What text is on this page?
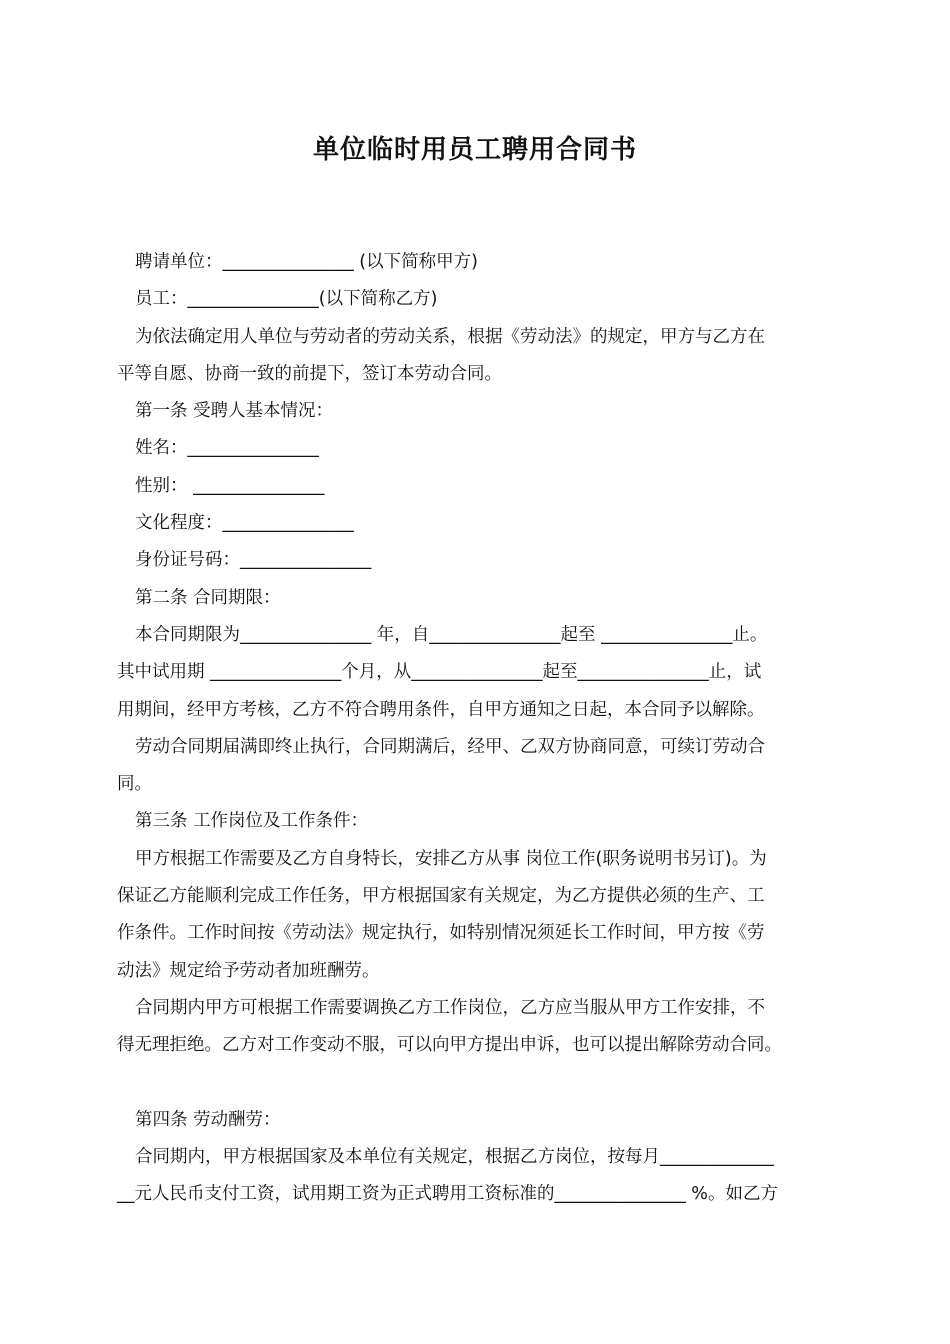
单位临时用员工聘用合同书

聘请单位：_______________ (以下简称甲方)

员工：_______________(以下简称乙方)

为依法确定用人单位与劳动者的劳动关系，根据《劳动法》的规定，甲方与乙方在

平等自愿、协商一致的前提下，签订本劳动合同。

第一条 受聘人基本情况：

姓名：_______________

性别： _______________

文化程度：_______________

身份证号码：_______________

第二条 合同期限：

本合同期限为_______________ 年，自_______________起至 _______________止。

其中试用期 _______________个月，从_______________起至_______________止，试

用期间，经甲方考核，乙方不符合聘用条件，自甲方通知之日起，本合同予以解除。

劳动合同期届满即终止执行，合同期满后，经甲、乙双方协商同意，可续订劳动合

同。

第三条 工作岗位及工作条件：

甲方根据工作需要及乙方自身特长，安排乙方从事 岗位工作(职务说明书另订)。为

保证乙方能顺利完成工作任务，甲方根据国家有关规定，为乙方提供必须的生产、工

作条件。工作时间按《劳动法》规定执行，如特别情况须延长工作时间，甲方按《劳

动法》规定给予劳动者加班酬劳。

合同期内甲方可根据工作需要调换乙方工作岗位，乙方应当服从甲方工作安排，不

得无理拒绝。乙方对工作变动不服，可以向甲方提出申诉，也可以提出解除劳动合同。

第四条 劳动酬劳：

合同期内，甲方根据国家及本单位有关规定，根据乙方岗位，按每月_____________

__元人民币支付工资，试用期工资为正式聘用工资标准的_______________ %。如乙方
